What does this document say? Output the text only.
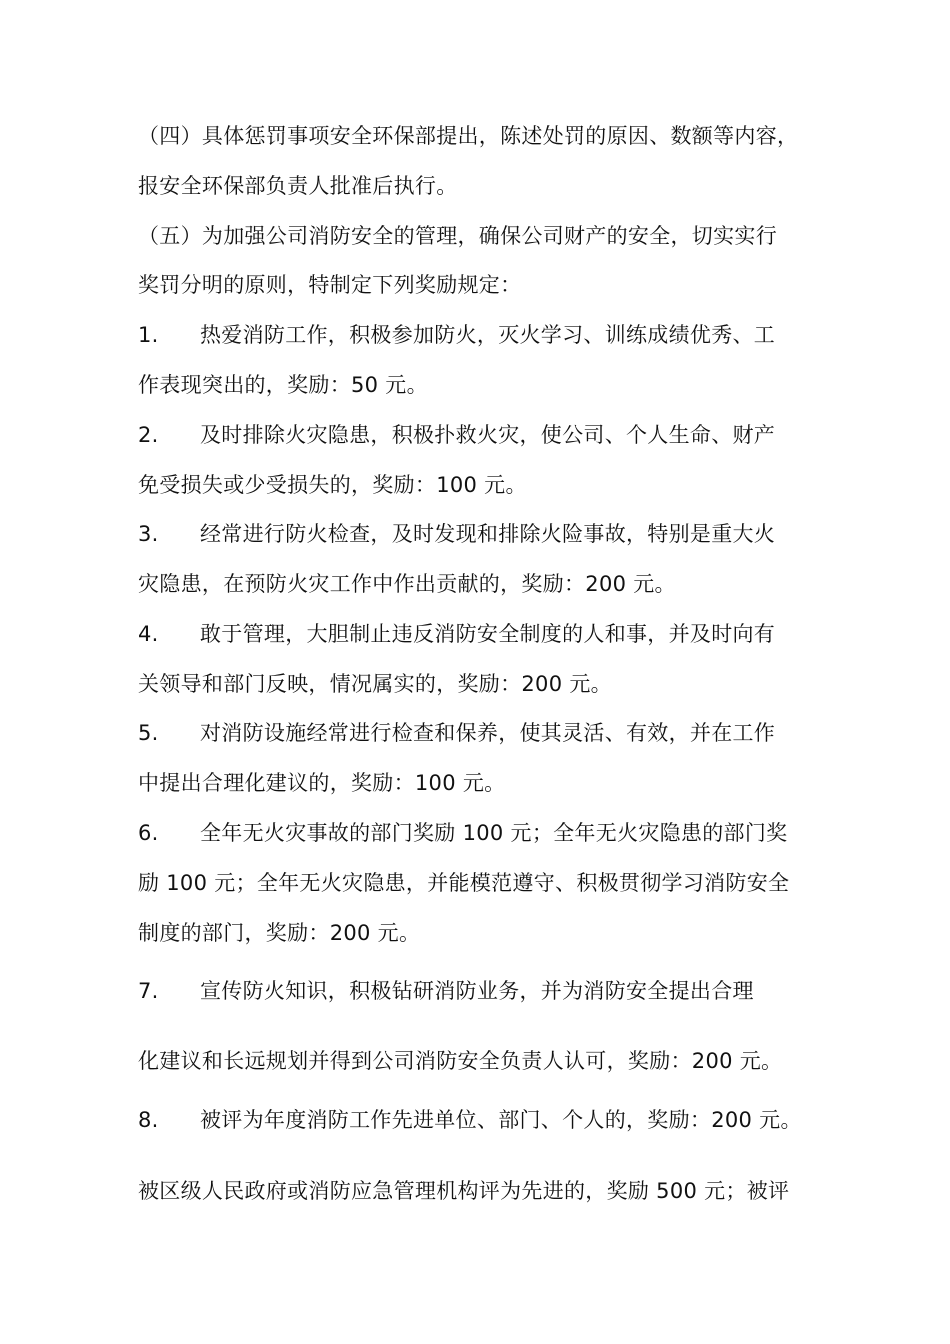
（四）具体惩罚事项安全环保部提出，陈述处罚的原因、数额等内容，
报安全环保部负责人批准后执行。
（五）为加强公司消防安全的管理，确保公司财产的安全，切实实行
奖罚分明的原则，特制定下列奖励规定：
1. 热爱消防工作，积极参加防火，灭火学习、训练成绩优秀、工
作表现突出的，奖励：50 元。
2. 及时排除火灾隐患，积极扑救火灾，使公司、个人生命、财产
免受损失或少受损失的，奖励：100 元。
3. 经常进行防火检查，及时发现和排除火险事故，特别是重大火
灾隐患，在预防火灾工作中作出贡献的，奖励：200 元。
4. 敢于管理，大胆制止违反消防安全制度的人和事，并及时向有
关领导和部门反映，情况属实的，奖励：200 元。
5. 对消防设施经常进行检查和保养，使其灵活、有效，并在工作
中提出合理化建议的，奖励：100 元。
6. 全年无火灾事故的部门奖励 100 元；全年无火灾隐患的部门奖
励 100 元；全年无火灾隐患，并能模范遵守、积极贯彻学习消防安全
制度的部门，奖励：200 元。
7. 宣传防火知识，积极钻研消防业务，并为消防安全提出合理
化建议和长远规划并得到公司消防安全负责人认可，奖励：200 元。
8. 被评为年度消防工作先进单位、部门、个人的，奖励：200 元。
被区级人民政府或消防应急管理机构评为先进的，奖励 500 元；被评
